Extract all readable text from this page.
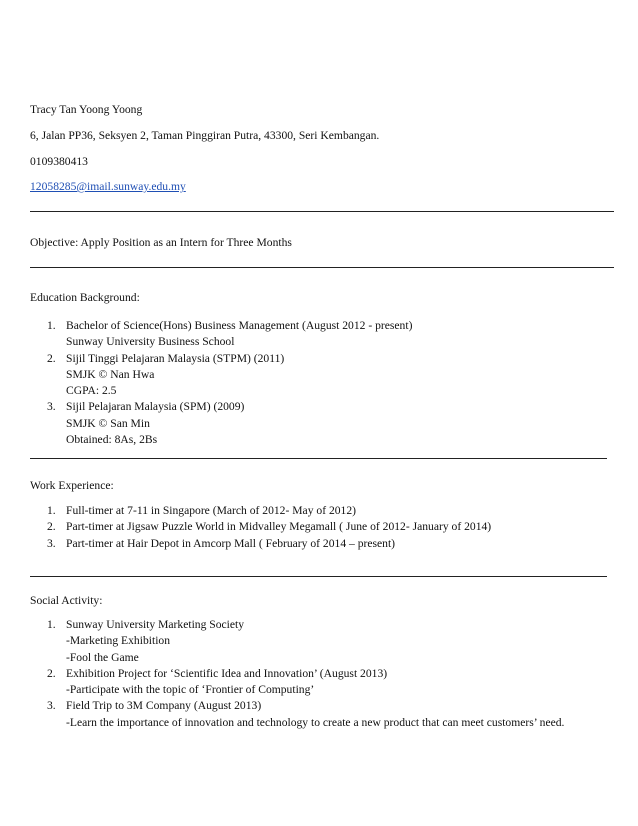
Tracy Tan Yoong Yoong
6, Jalan PP36, Seksyen 2, Taman Pinggiran Putra, 43300, Seri Kembangan.
0109380413
12058285@imail.sunway.edu.my
Objective: Apply Position as an Intern for Three Months
Education Background:
1. Bachelor of Science(Hons) Business Management (August 2012 - present)
Sunway University Business School
2. Sijil Tinggi Pelajaran Malaysia (STPM) (2011)
SMJK © Nan Hwa
CGPA: 2.5
3. Sijil Pelajaran Malaysia (SPM) (2009)
SMJK © San Min
Obtained: 8As, 2Bs
Work Experience:
1. Full-timer at 7-11 in Singapore (March of 2012- May of 2012)
2. Part-timer at Jigsaw Puzzle World in Midvalley Megamall ( June of 2012- January of 2014)
3. Part-timer at Hair Depot in Amcorp Mall ( February of 2014 – present)
Social Activity:
1. Sunway University Marketing Society
-Marketing Exhibition
-Fool the Game
2. Exhibition Project for ‘Scientific Idea and Innovation’ (August 2013)
-Participate with the topic of ‘Frontier of Computing’
3. Field Trip to 3M Company (August 2013)
-Learn the importance of innovation and technology to create a new product that can meet customers’ need.
